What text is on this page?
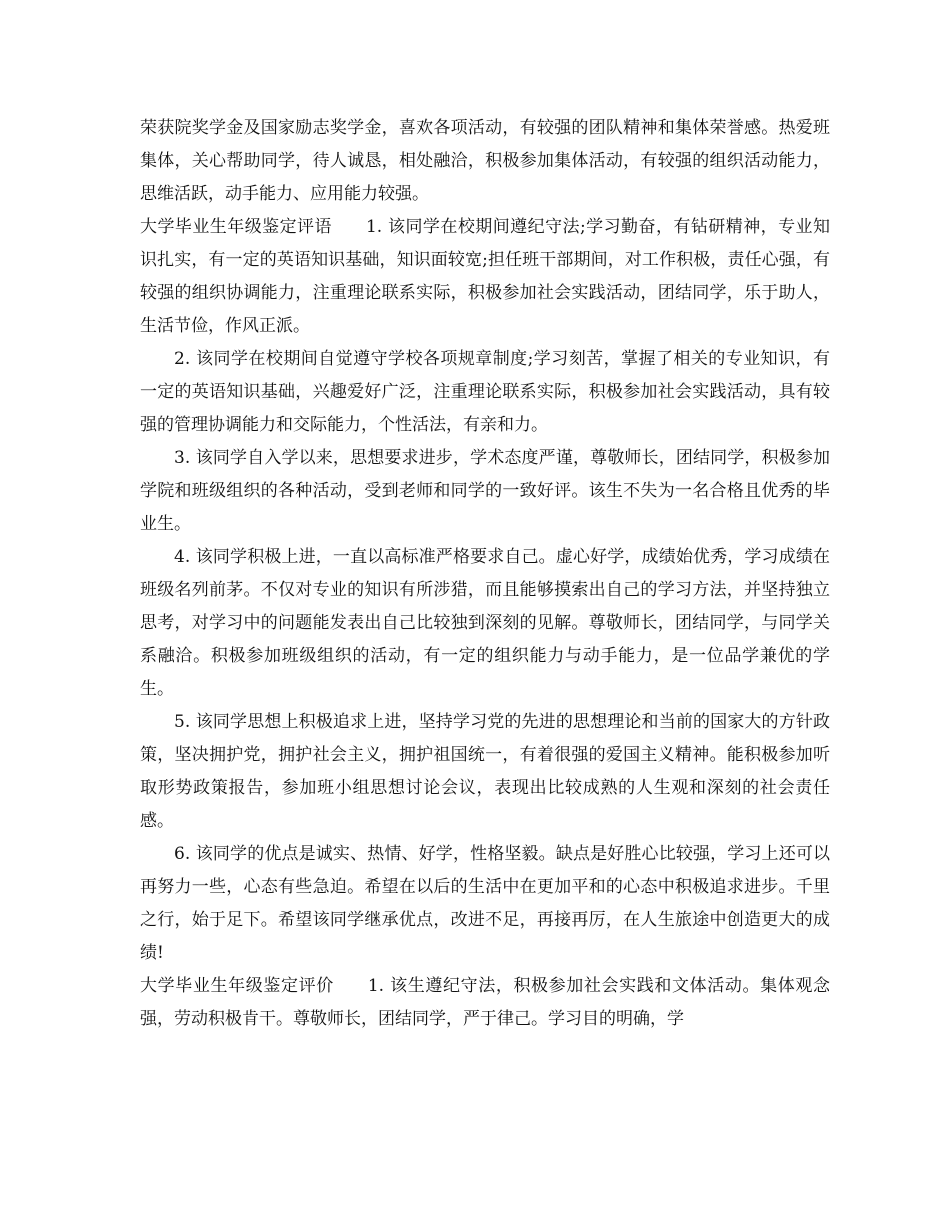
荣获院奖学金及国家励志奖学金，喜欢各项活动，有较强的团队精神和集体荣誉感。热爱班集体，关心帮助同学，待人诚恳，相处融洽，积极参加集体活动，有较强的组织活动能力，思维活跃，动手能力、应用能力较强。

大学毕业生年级鉴定评语 1. 该同学在校期间遵纪守法;学习勤奋，有钻研精神，专业知识扎实，有一定的英语知识基础，知识面较宽;担任班干部期间，对工作积极，责任心强，有较强的组织协调能力，注重理论联系实际，积极参加社会实践活动，团结同学，乐于助人，生活节俭，作风正派。

2. 该同学在校期间自觉遵守学校各项规章制度;学习刻苦，掌握了相关的专业知识，有一定的英语知识基础，兴趣爱好广泛，注重理论联系实际，积极参加社会实践活动，具有较强的管理协调能力和交际能力，个性活法，有亲和力。

3. 该同学自入学以来，思想要求进步，学术态度严谨，尊敬师长，团结同学，积极参加学院和班级组织的各种活动，受到老师和同学的一致好评。该生不失为一名合格且优秀的毕业生。

4. 该同学积极上进，一直以高标准严格要求自己。虚心好学，成绩始优秀，学习成绩在班级名列前茅。不仅对专业的知识有所涉猎，而且能够摸索出自己的学习方法，并坚持独立思考，对学习中的问题能发表出自己比较独到深刻的见解。尊敬师长，团结同学，与同学关系融洽。积极参加班级组织的活动，有一定的组织能力与动手能力，是一位品学兼优的学生。

5. 该同学思想上积极追求上进，坚持学习党的先进的思想理论和当前的国家大的方针政策，坚决拥护党，拥护社会主义，拥护祖国统一，有着很强的爱国主义精神。能积极参加听取形势政策报告，参加班小组思想讨论会议，表现出比较成熟的人生观和深刻的社会责任感。

6. 该同学的优点是诚实、热情、好学，性格坚毅。缺点是好胜心比较强，学习上还可以再努力一些，心态有些急迫。希望在以后的生活中在更加平和的心态中积极追求进步。千里之行，始于足下。希望该同学继承优点，改进不足，再接再厉，在人生旅途中创造更大的成绩!

大学毕业生年级鉴定评价 1. 该生遵纪守法，积极参加社会实践和文体活动。集体观念强，劳动积极肯干。尊敬师长，团结同学，严于律己。学习目的明确，学
